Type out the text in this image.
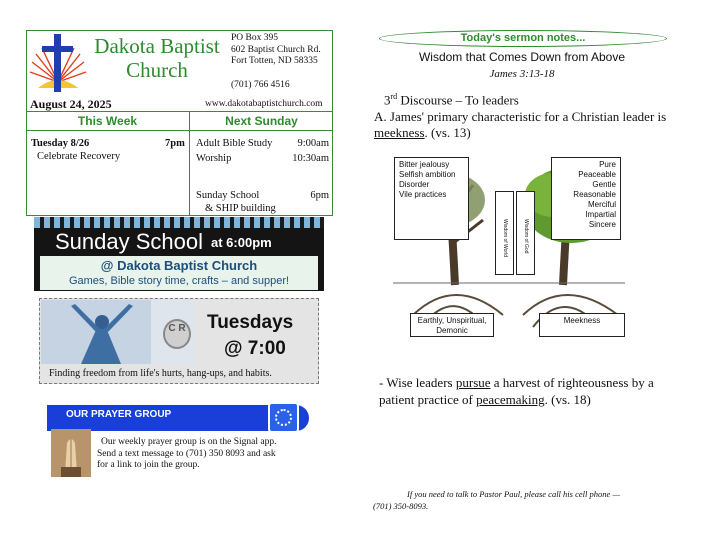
Dakota Baptist Church
PO Box 395
602 Baptist Church Rd.
Fort Totten, ND 58335
(701) 766 4516
August 24, 2025	www.dakotabaptistchurch.com
This Week	Next Sunday
Tuesday 8/26	7pm
Celebrate Recovery
Adult Bible Study	9:00am
Worship	10:30am
Sunday School	6pm
& SHIP building
Sunday School at 6:00pm
@ Dakota Baptist Church
Games, Bible story time, crafts – and supper!
C R Tuesdays
@ 7:00
Finding freedom from life's hurts, hang-ups, and habits.
OUR PRAYER GROUP
Our weekly prayer group is on the Signal app.
Send a text message to (701) 350 8093 and ask
for a link to join the group.
Today's sermon notes...
Wisdom that Comes Down from Above
James 3:13-18
3rd Discourse – To leaders
A. James' primary characteristic for a Christian leader is meekness. (vs. 13)
Bitter jealousy
Selfish ambition
Disorder
Vile practices
Pure
Peaceable
Gentle
Reasonable
Merciful
Impartial
Sincere
Wisdom of World	Wisdom of God
Earthly, Unspiritual, Demonic
Meekness
- Wise leaders pursue a harvest of righteousness by a patient practice of peacemaking. (vs. 18)
If you need to talk to Pastor Paul, please call his cell phone —
(701) 350-8093.
